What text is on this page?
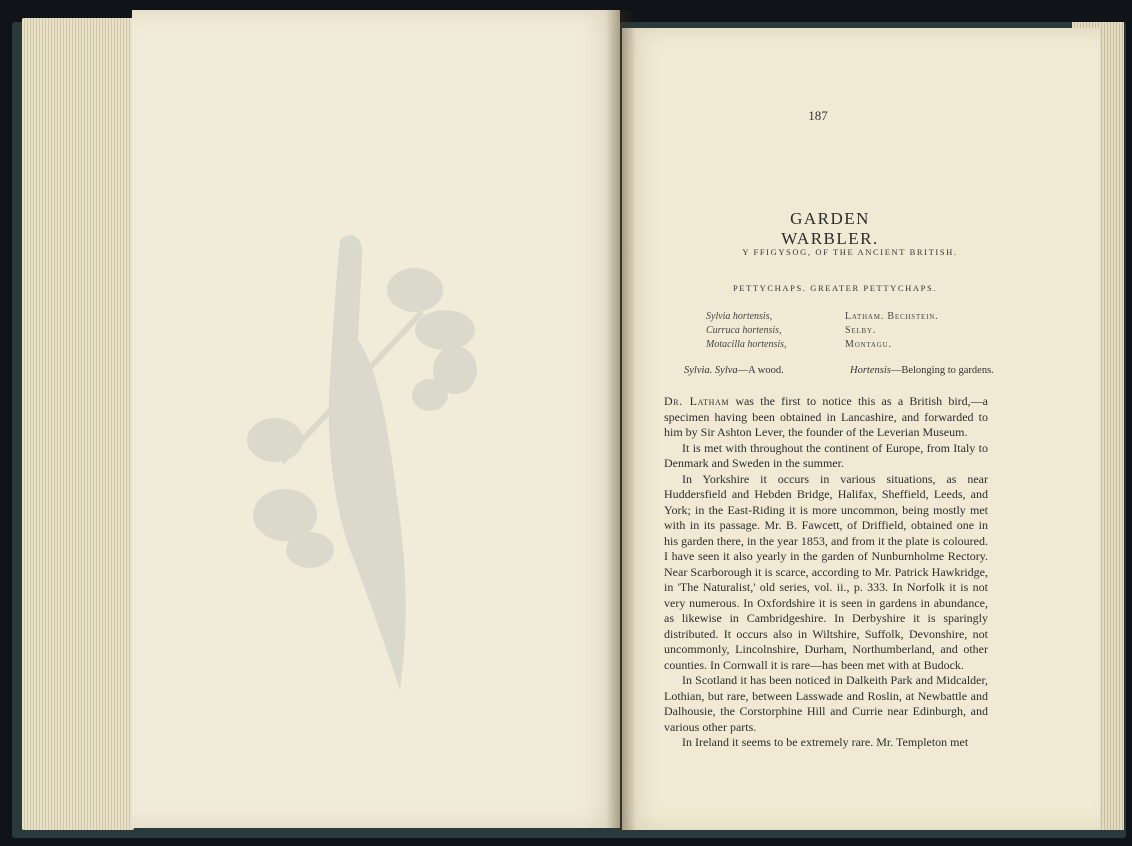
187
GARDEN WARBLER.
Y FFIGYSOG, OF THE ANCIENT BRITISH.
PETTYCHAPS. GREATER PETTYCHAPS.
Sylvia hortensis,
Curruca hortensis,
Motacilla hortensis,
Latham. Bechstein.
Selby.
Montagu.
Sylvia. Sylva—A wood.	Hortensis—Belonging to gardens.

Dr. Latham was the first to notice this as a British bird,—a specimen having been obtained in Lancashire, and forwarded to him by Sir Ashton Lever, the founder of the Leverian Museum.

It is met with throughout the continent of Europe, from Italy to Denmark and Sweden in the summer.

In Yorkshire it occurs in various situations, as near Huddersfield and Hebden Bridge, Halifax, Sheffield, Leeds, and York; in the East-Riding it is more uncommon, being mostly met with in its passage. Mr. B. Fawcett, of Driffield, obtained one in his garden there, in the year 1853, and from it the plate is coloured. I have seen it also yearly in the garden of Nunburnholme Rectory. Near Scarborough it is scarce, according to Mr. Patrick Hawkridge, in 'The Naturalist,' old series, vol. ii., p. 333. In Norfolk it is not very numerous. In Oxfordshire it is seen in gardens in abundance, as likewise in Cambridgeshire. In Derbyshire it is sparingly distributed. It occurs also in Wiltshire, Suffolk, Devonshire, not uncommonly, Lincolnshire, Durham, Northumberland, and other counties. In Cornwall it is rare—has been met with at Budock.

In Scotland it has been noticed in Dalkeith Park and Midcalder, Lothian, but rare, between Lasswade and Roslin, at Newbattle and Dalhousie, the Corstorphine Hill and Currie near Edinburgh, and various other parts.

In Ireland it seems to be extremely rare. Mr. Templeton met
